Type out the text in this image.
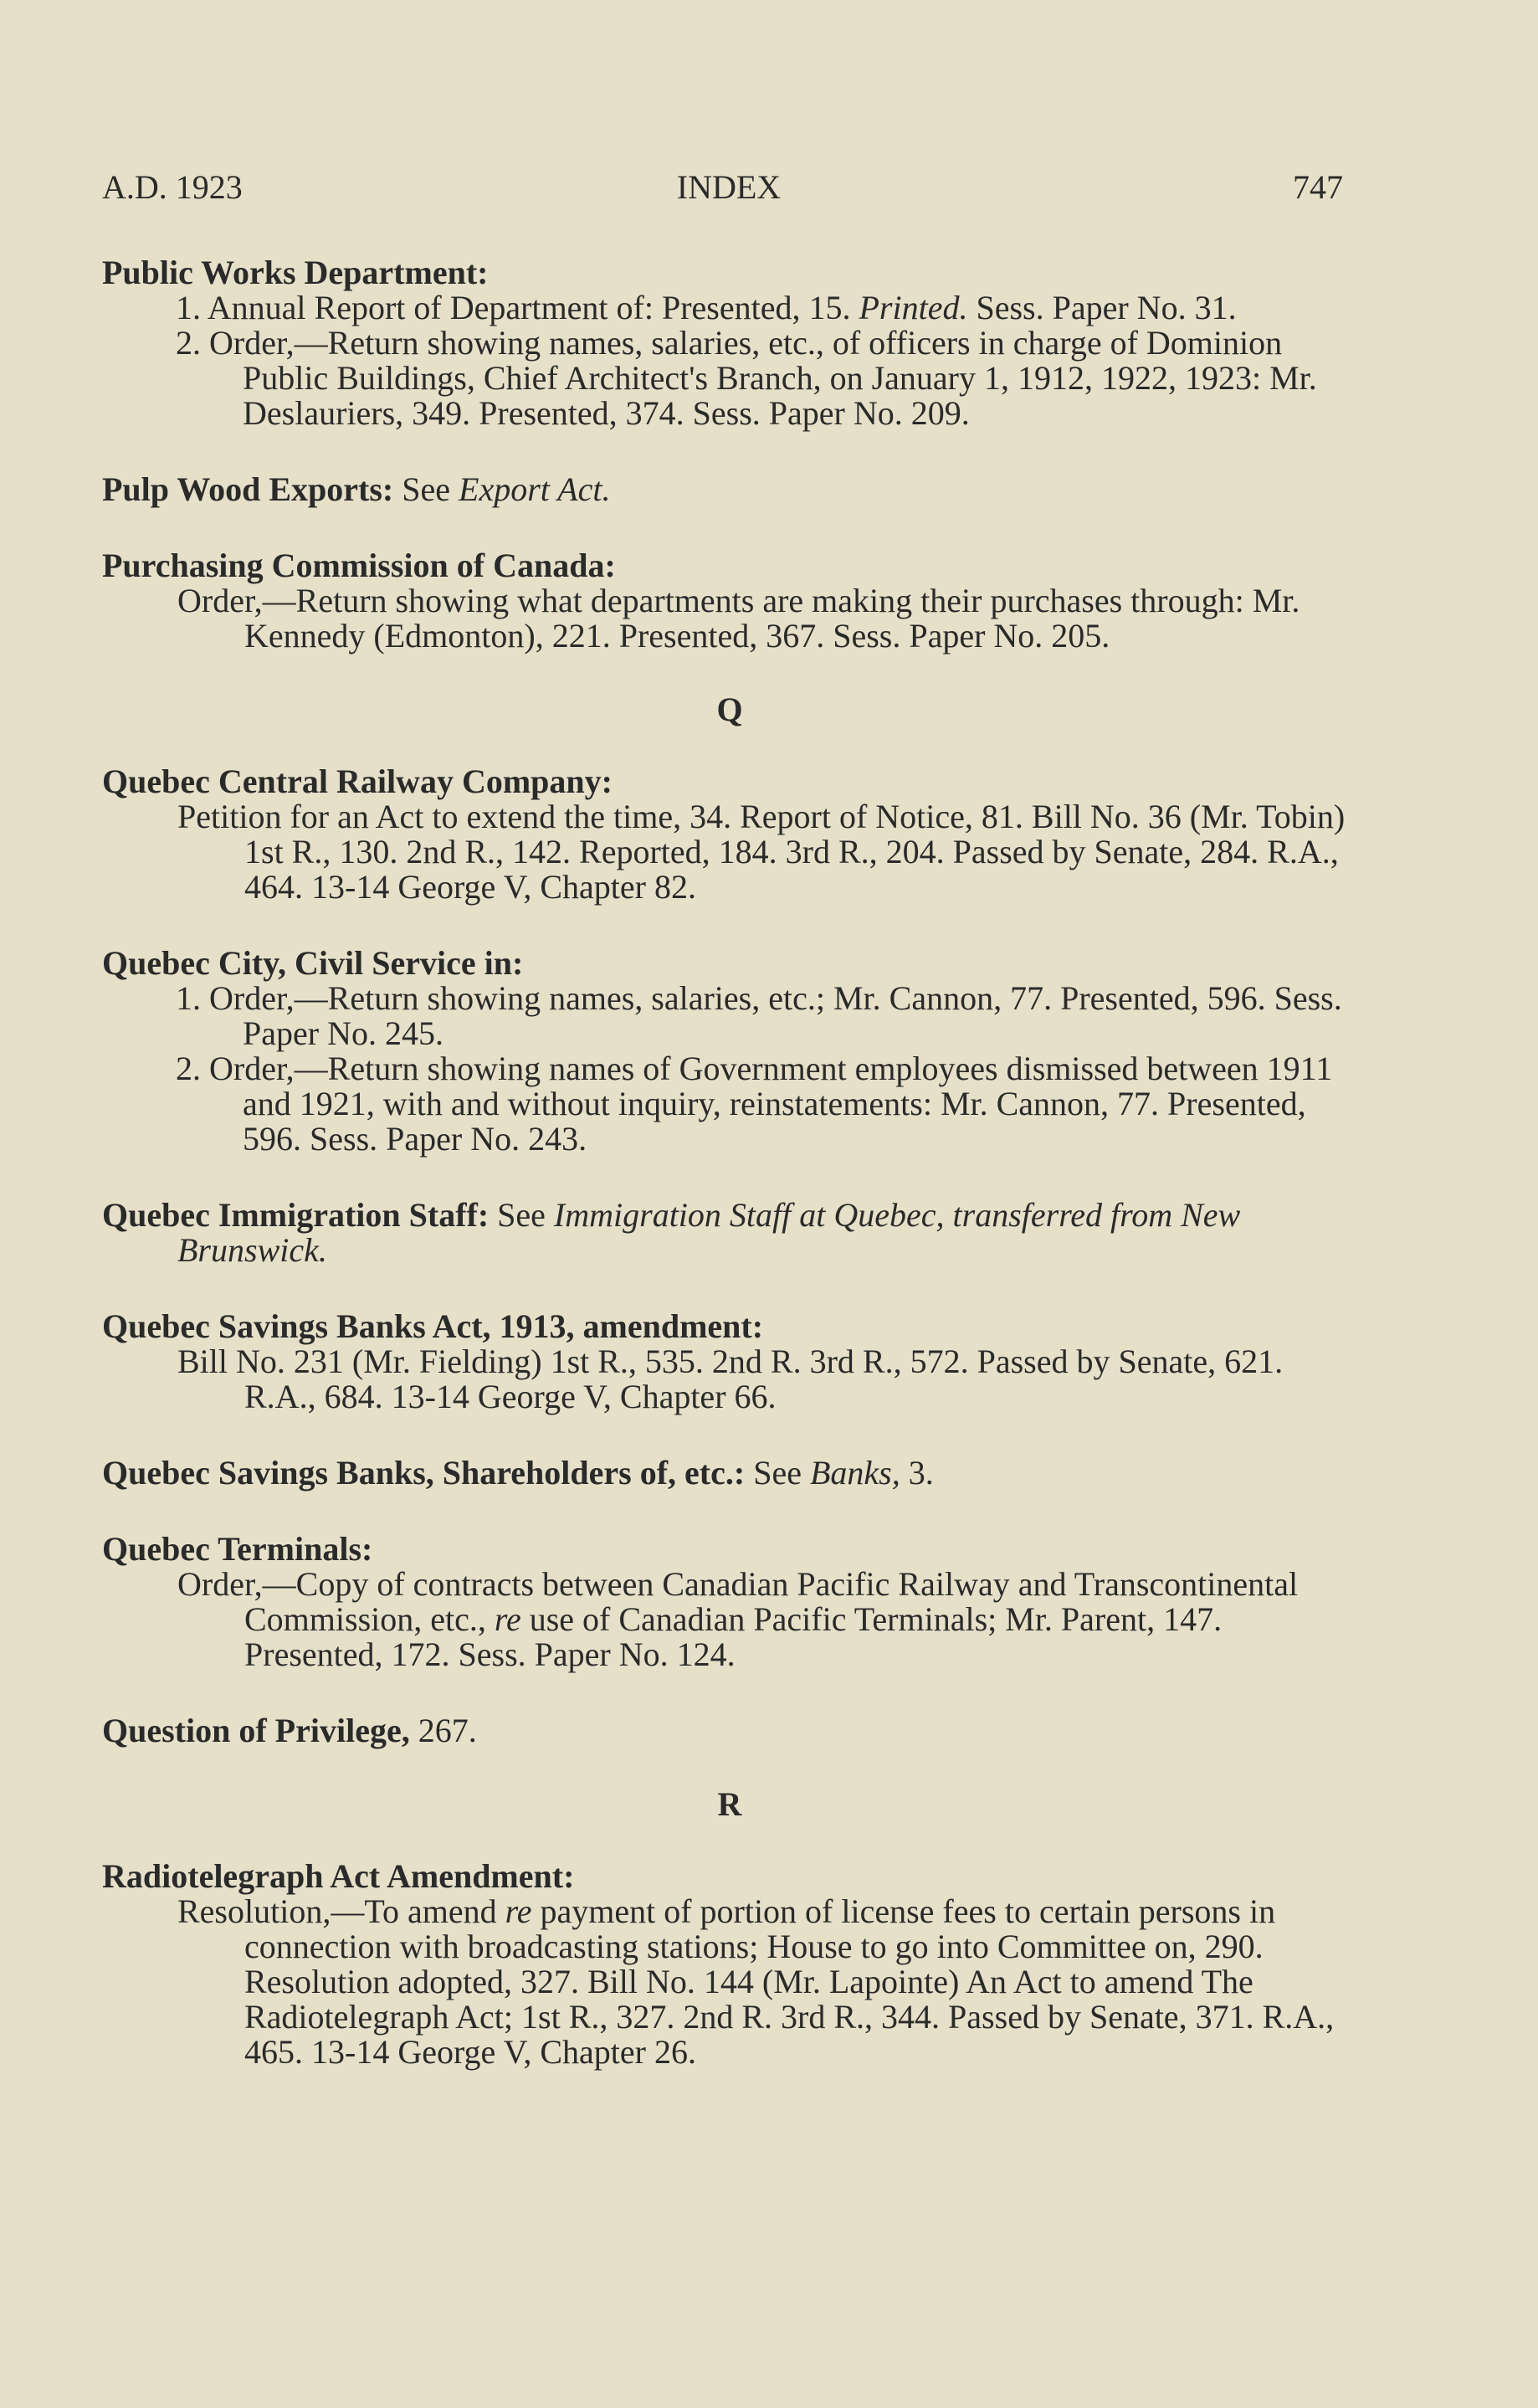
A.D. 1923	INDEX	747
Public Works Department:

1. Annual Report of Department of: Presented, 15. Printed. Sess. Paper No. 31.

2. Order,—Return showing names, salaries, etc., of officers in charge of Dominion Public Buildings, Chief Architect's Branch, on January 1, 1912, 1922, 1923: Mr. Deslauriers, 349. Presented, 374. Sess. Paper No. 209.

Pulp Wood Exports: See Export Act.
Purchasing Commission of Canada:

Order,—Return showing what departments are making their purchases through: Mr. Kennedy (Edmonton), 221. Presented, 367. Sess. Paper No. 205.

Q
Quebec Central Railway Company:

Petition for an Act to extend the time, 34. Report of Notice, 81. Bill No. 36 (Mr. Tobin) 1st R., 130. 2nd R., 142. Reported, 184. 3rd R., 204. Passed by Senate, 284. R.A., 464. 13-14 George V, Chapter 82.

Quebec City, Civil Service in:

1. Order,—Return showing names, salaries, etc.; Mr. Cannon, 77. Presented, 596. Sess. Paper No. 245.

2. Order,—Return showing names of Government employees dismissed between 1911 and 1921, with and without inquiry, reinstatements: Mr. Cannon, 77. Presented, 596. Sess. Paper No. 243.

Quebec Immigration Staff: See Immigration Staff at Quebec, transferred from New Brunswick.
Quebec Savings Banks Act, 1913, amendment:

Bill No. 231 (Mr. Fielding) 1st R., 535. 2nd R. 3rd R., 572. Passed by Senate, 621. R.A., 684. 13-14 George V, Chapter 66.

Quebec Savings Banks, Shareholders of, etc.: See Banks, 3.
Quebec Terminals:

Order,—Copy of contracts between Canadian Pacific Railway and Transcontinental Commission, etc., re use of Canadian Pacific Terminals; Mr. Parent, 147. Presented, 172. Sess. Paper No. 124.

Question of Privilege, 267.
R
Radiotelegraph Act Amendment:

Resolution,—To amend re payment of portion of license fees to certain persons in connection with broadcasting stations; House to go into Committee on, 290. Resolution adopted, 327. Bill No. 144 (Mr. Lapointe) An Act to amend The Radiotelegraph Act; 1st R., 327. 2nd R. 3rd R., 344. Passed by Senate, 371. R.A., 465. 13-14 George V, Chapter 26.
